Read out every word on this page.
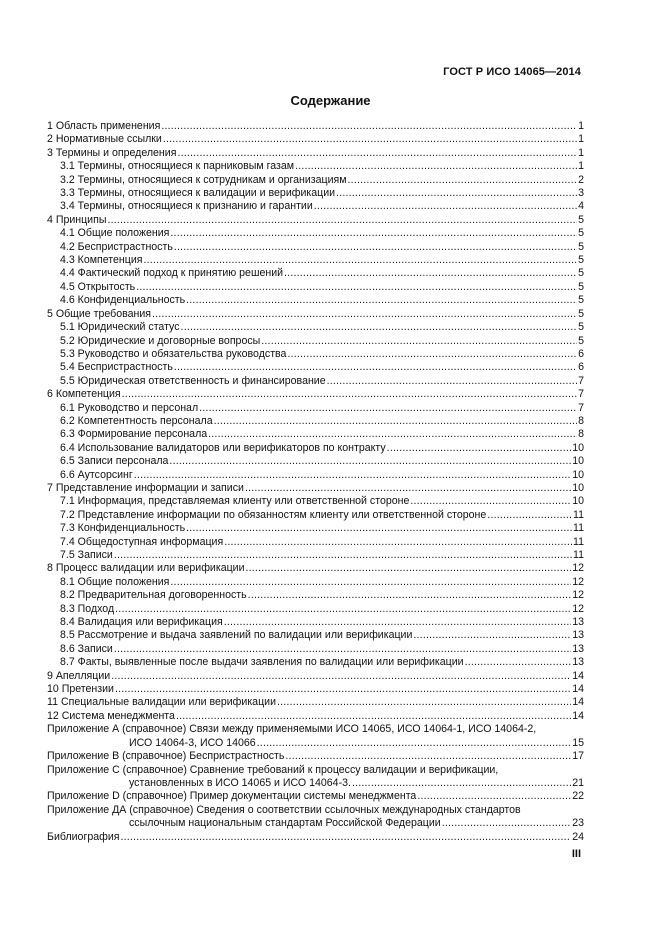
ГОСТ Р ИСО 14065—2014
Содержание
1 Область применения .....	1
2 Нормативные ссылки .....	1
3 Термины и определения .....	1
3.1 Термины, относящиеся к парниковым газам .....	1
3.2 Термины, относящиеся к сотрудникам и организациям .....	2
3.3 Термины, относящиеся к валидации и верификации .....	3
3.4 Термины, относящиеся к признанию и гарантии .....	4
4 Принципы .....	5
4.1 Общие положения .....	5
4.2 Беспристрастность .....	5
4.3 Компетенция .....	5
4.4 Фактический подход к принятию решений .....	5
4.5 Открытость .....	5
4.6 Конфиденциальность .....	5
5 Общие требования .....	5
5.1 Юридический статус .....	5
5.2 Юридические и договорные вопросы .....	5
5.3 Руководство и обязательства руководства .....	6
5.4 Беспристрастность .....	6
5.5 Юридическая ответственность и финансирование .....	7
6 Компетенция .....	7
6.1 Руководство и персонал .....	7
6.2 Компетентность персонала .....	8
6.3 Формирование персонала .....	8
6.4 Использование валидаторов или верификаторов по контракту .....	10
6.5 Записи персонала .....	10
6.6 Аутсорсинг .....	10
7 Представление информации и записи .....	10
7.1 Информация, представляемая клиенту или ответственной стороне .....	10
7.2 Представление информации по обязанностям клиенту или ответственной стороне .....	11
7.3 Конфиденциальность .....	11
7.4 Общедоступная информация .....	11
7.5 Записи .....	11
8 Процесс валидации или верификации .....	12
8.1 Общие положения .....	12
8.2 Предварительная договоренность .....	12
8.3 Подход .....	12
8.4 Валидация или верификация .....	13
8.5 Рассмотрение и выдача заявлений по валидации или верификации .....	13
8.6 Записи .....	13
8.7 Факты, выявленные после выдачи заявления по валидации или верификации .....	13
9 Апелляции .....	14
10 Претензии .....	14
11 Специальные валидации или верификации .....	14
12 Система менеджмента .....	14
Приложение А (справочное) Связи между применяемыми ИСО 14065, ИСО 14064-1, ИСО 14064-2,
ИСО 14064-3, ИСО 14066 .....	15
Приложение В (справочное) Беспристрастность .....	17
Приложение С (справочное) Сравнение требований к процессу валидации и верификации,
установленных в ИСО 14065 и ИСО 14064-3. .....	21
Приложение D (справочное) Пример документации системы менеджмента .....	22
Приложение ДА (справочное) Сведения о соответствии ссылочных международных стандартов
ссылочным национальным стандартам Российской Федерации .....	23
Библиография .....	24
III
